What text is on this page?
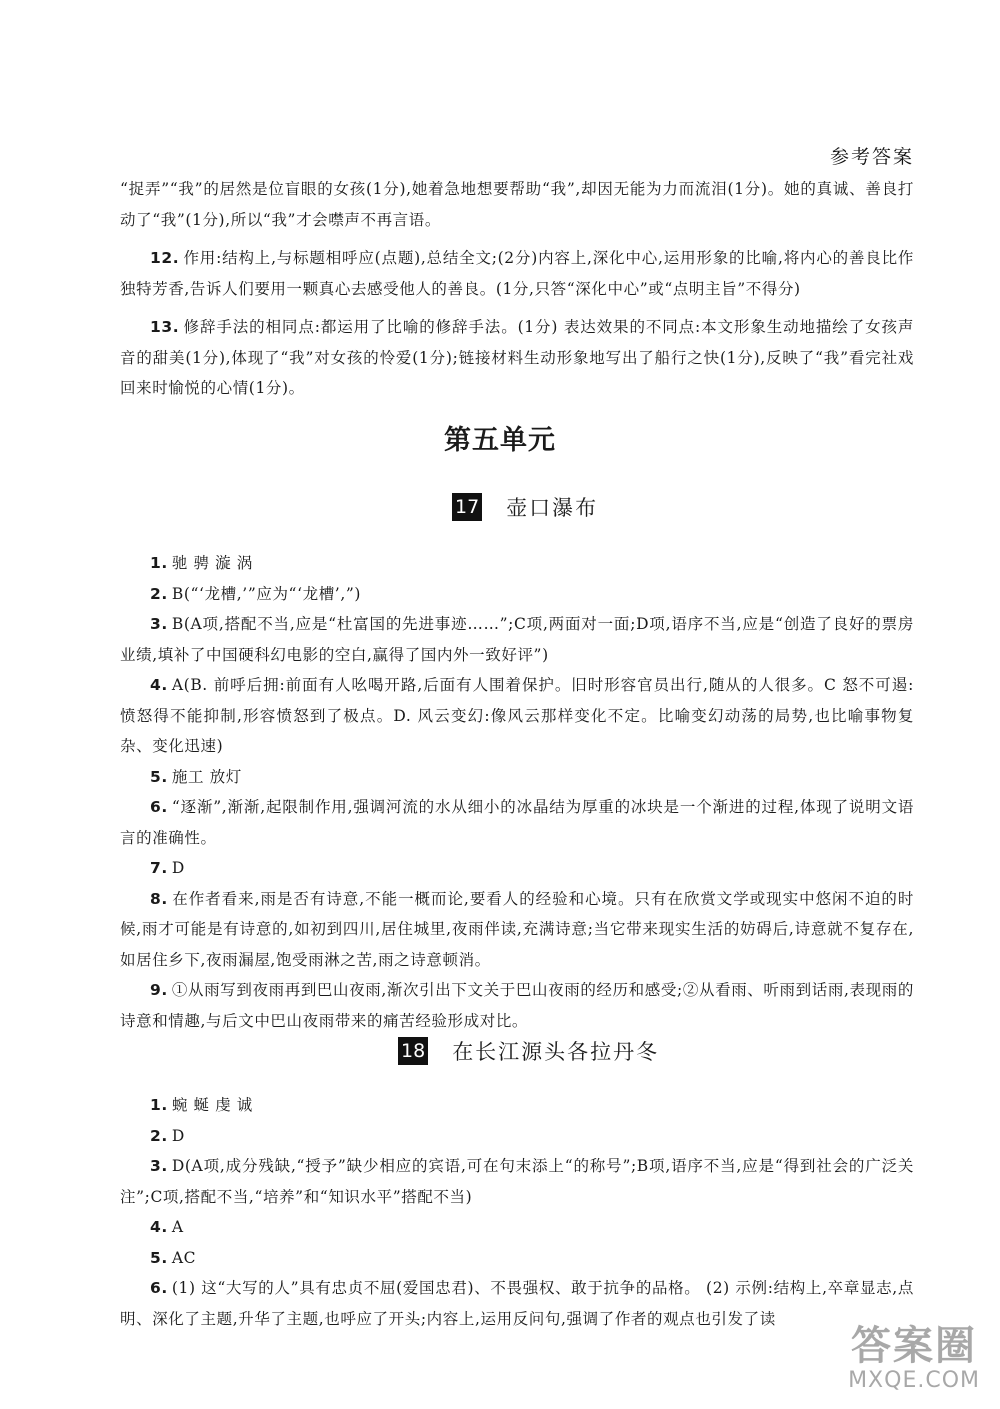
参考答案

“捉弄”“我”的居然是位盲眼的女孩(1分),她着急地想要帮助“我”,却因无能为力而流泪(1分)。她的真诚、善良打动了“我”(1分),所以“我”才会噤声不再言语。

12. 作用:结构上,与标题相呼应(点题),总结全文;(2分)内容上,深化中心,运用形象的比喻,将内心的善良比作独特芳香,告诉人们要用一颗真心去感受他人的善良。(1分,只答“深化中心”或“点明主旨”不得分)

13. 修辞手法的相同点:都运用了比喻的修辞手法。(1分) 表达效果的不同点:本文形象生动地描绘了女孩声音的甜美(1分),体现了“我”对女孩的怜爱(1分);链接材料生动形象地写出了船行之快(1分),反映了“我”看完社戏回来时愉悦的心情(1分)。

第五单元
17 壶口瀑布

1. 驰 骋 漩 涡

2. B(“‘龙槽,’”应为“‘龙槽’,”)

3. B(A项,搭配不当,应是“杜富国的先进事迹……”;C项,两面对一面;D项,语序不当,应是“创造了良好的票房业绩,填补了中国硬科幻电影的空白,赢得了国内外一致好评”)

4. A(B. 前呼后拥:前面有人吆喝开路,后面有人围着保护。旧时形容官员出行,随从的人很多。C 怒不可遏:愤怒得不能抑制,形容愤怒到了极点。D. 风云变幻:像风云那样变化不定。比喻变幻动荡的局势,也比喻事物复杂、变化迅速)

5. 施工 放灯

6. “逐渐”,渐渐,起限制作用,强调河流的水从细小的冰晶结为厚重的冰块是一个渐进的过程,体现了说明文语言的准确性。

7. D

8. 在作者看来,雨是否有诗意,不能一概而论,要看人的经验和心境。只有在欣赏文学或现实中悠闲不迫的时候,雨才可能是有诗意的,如初到四川,居住城里,夜雨伴读,充满诗意;当它带来现实生活的妨碍后,诗意就不复存在,如居住乡下,夜雨漏屋,饱受雨淋之苦,雨之诗意顿消。

9. ①从雨写到夜雨再到巴山夜雨,渐次引出下文关于巴山夜雨的经历和感受;②从看雨、听雨到话雨,表现雨的诗意和情趣,与后文中巴山夜雨带来的痛苦经验形成对比。

18 在长江源头各拉丹冬

1. 蜿 蜒 虔 诚

2. D

3. D(A项,成分残缺,“授予”缺少相应的宾语,可在句末添上“的称号”;B项,语序不当,应是“得到社会的广泛关注”;C项,搭配不当,“培养”和“知识水平”搭配不当)

4. A

5. AC

6. (1) 这“大写的人”具有忠贞不屈(爱国忠君)、不畏强权、敢于抗争的品格。 (2) 示例:结构上,卒章显志,点明、深化了主题,升华了主题,也呼应了开头;内容上,运用反问句,强调了作者的观点也引发了读

答案圈
MXQE.COM
